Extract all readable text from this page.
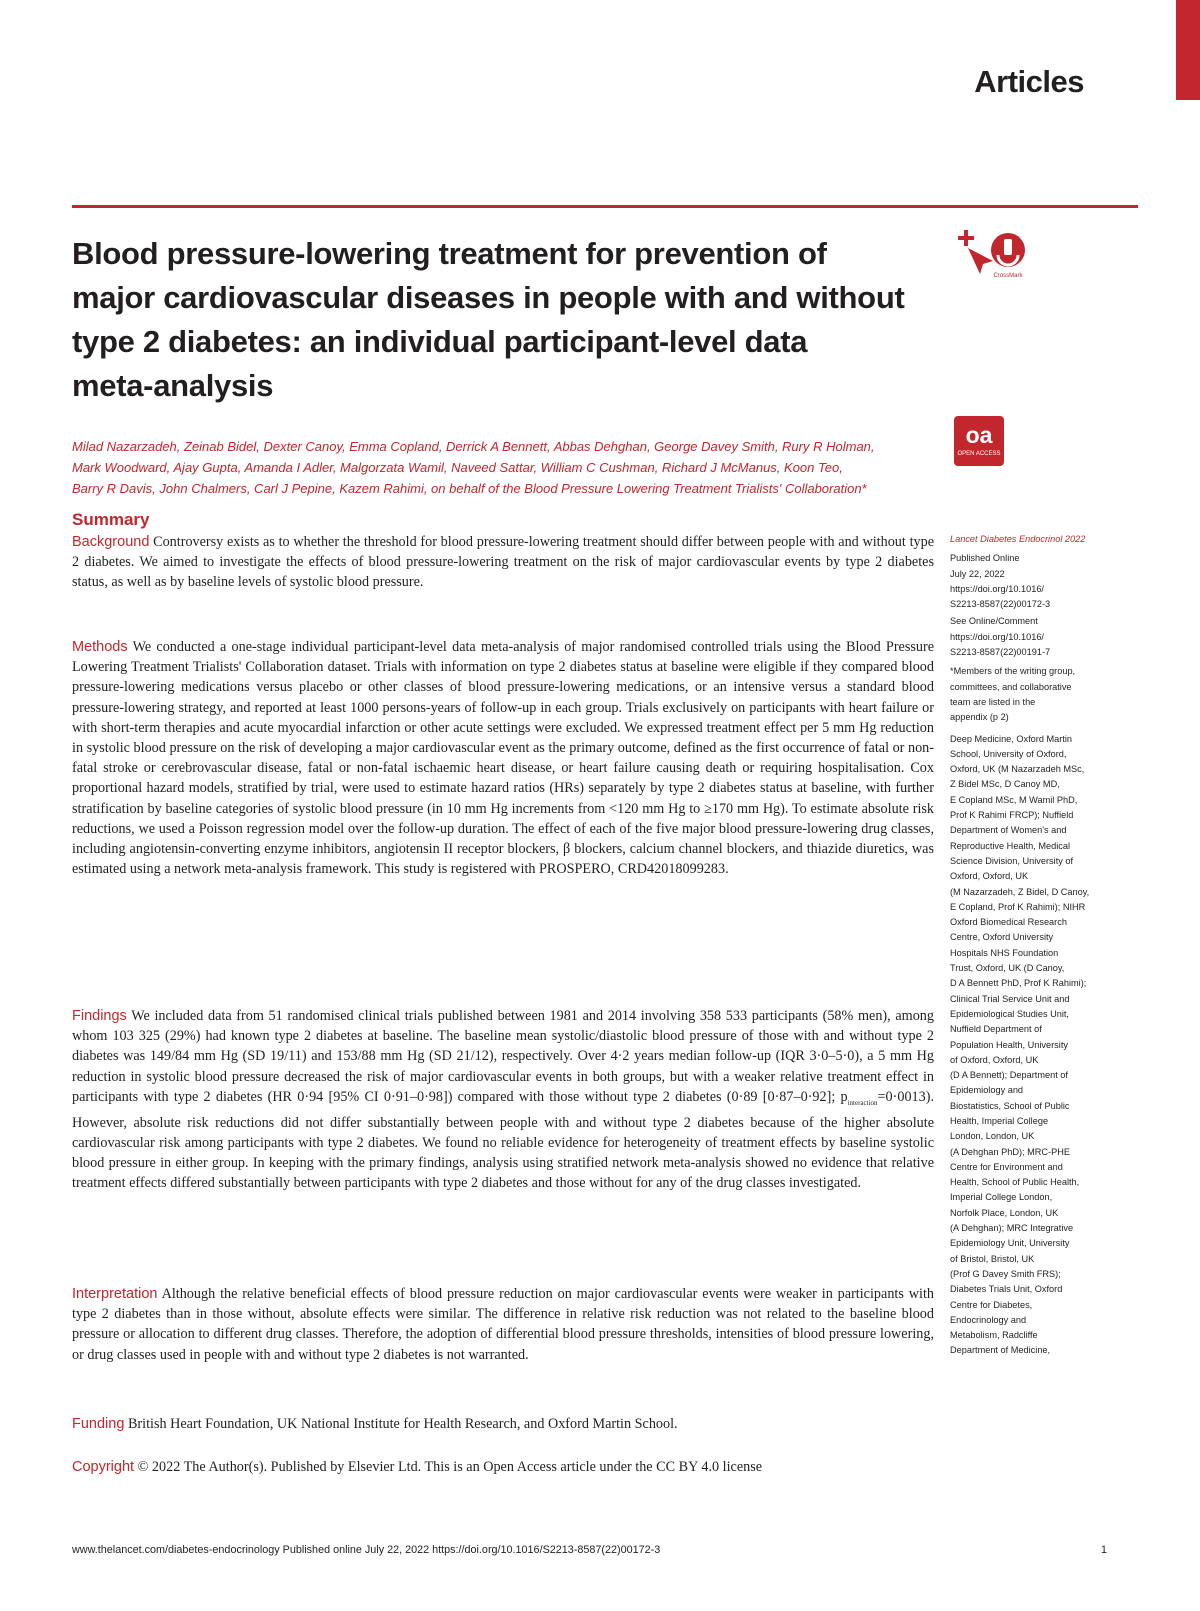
Articles
Blood pressure-lowering treatment for prevention of
major cardiovascular diseases in people with and without
type 2 diabetes: an individual participant-level data
meta-analysis
Milad Nazarzadeh, Zeinab Bidel, Dexter Canoy, Emma Copland, Derrick A Bennett, Abbas Dehghan, George Davey Smith, Rury R Holman,
Mark Woodward, Ajay Gupta, Amanda I Adler, Malgorzata Wamil, Naveed Sattar, William C Cushman, Richard J McManus, Koon Teo,
Barry R Davis, John Chalmers, Carl J Pepine, Kazem Rahimi, on behalf of the Blood Pressure Lowering Treatment Trialists' Collaboration*
CrossMark
oa
OPEN ACCESS
Summary

Background Controversy exists as to whether the threshold for blood pressure-lowering treatment should differ between people with and without type 2 diabetes. We aimed to investigate the effects of blood pressure-lowering treatment on the risk of major cardiovascular events by type 2 diabetes status, as well as by baseline levels of systolic blood pressure.

Methods We conducted a one-stage individual participant-level data meta-analysis of major randomised controlled trials using the Blood Pressure Lowering Treatment Trialists' Collaboration dataset. Trials with information on type 2 diabetes status at baseline were eligible if they compared blood pressure-lowering medications versus placebo or other classes of blood pressure-lowering medications, or an intensive versus a standard blood pressure-lowering strategy, and reported at least 1000 persons-years of follow-up in each group. Trials exclusively on participants with heart failure or with short-term therapies and acute myocardial infarction or other acute settings were excluded. We expressed treatment effect per 5 mm Hg reduction in systolic blood pressure on the risk of developing a major cardiovascular event as the primary outcome, defined as the first occurrence of fatal or non-fatal stroke or cerebrovascular disease, fatal or non-fatal ischaemic heart disease, or heart failure causing death or requiring hospitalisation. Cox proportional hazard models, stratified by trial, were used to estimate hazard ratios (HRs) separately by type 2 diabetes status at baseline, with further stratification by baseline categories of systolic blood pressure (in 10 mm Hg increments from <120 mm Hg to ≥170 mm Hg). To estimate absolute risk reductions, we used a Poisson regression model over the follow-up duration. The effect of each of the five major blood pressure-lowering drug classes, including angiotensin-converting enzyme inhibitors, angiotensin II receptor blockers, β blockers, calcium channel blockers, and thiazide diuretics, was estimated using a network meta-analysis framework. This study is registered with PROSPERO, CRD42018099283.

Findings We included data from 51 randomised clinical trials published between 1981 and 2014 involving 358 533 participants (58% men), among whom 103 325 (29%) had known type 2 diabetes at baseline. The baseline mean systolic/diastolic blood pressure of those with and without type 2 diabetes was 149/84 mm Hg (SD 19/11) and 153/88 mm Hg (SD 21/12), respectively. Over 4·2 years median follow-up (IQR 3·0–5·0), a 5 mm Hg reduction in systolic blood pressure decreased the risk of major cardiovascular events in both groups, but with a weaker relative treatment effect in participants with type 2 diabetes (HR 0·94 [95% CI 0·91–0·98]) compared with those without type 2 diabetes (0·89 [0·87–0·92]; $p_{interaction}=0\cdot 0013$). However, absolute risk reductions did not differ substantially between people with and without type 2 diabetes because of the higher absolute cardiovascular risk among participants with type 2 diabetes. We found no reliable evidence for heterogeneity of treatment effects by baseline systolic blood pressure in either group. In keeping with the primary findings, analysis using stratified network meta-analysis showed no evidence that relative treatment effects differed substantially between participants with type 2 diabetes and those without for any of the drug classes investigated.

Interpretation Although the relative beneficial effects of blood pressure reduction on major cardiovascular events were weaker in participants with type 2 diabetes than in those without, absolute effects were similar. The difference in relative risk reduction was not related to the baseline blood pressure or allocation to different drug classes. Therefore, the adoption of differential blood pressure thresholds, intensities of blood pressure lowering, or drug classes used in people with and without type 2 diabetes is not warranted.

Funding British Heart Foundation, UK National Institute for Health Research, and Oxford Martin School.

Copyright © 2022 The Author(s). Published by Elsevier Ltd. This is an Open Access article under the CC BY 4.0 license

Lancet Diabetes Endocrinol 2022
Published Online
July 22, 2022
https://doi.org/10.1016/
S2213-8587(22)00172-3
See Online/Comment
https://doi.org/10.1016/
S2213-8587(22)00191-7
*Members of the writing group,
committees, and collaborative
team are listed in the
appendix (p 2)
Deep Medicine, Oxford Martin
School, University of Oxford,
Oxford, UK (M Nazarzadeh MSc,
Z Bidel MSc, D Canoy MD,
E Copland MSc, M Wamil PhD,
Prof K Rahimi FRCP); Nuffield
Department of Women's and
Reproductive Health, Medical
Science Division, University of
Oxford, Oxford, UK
(M Nazarzadeh, Z Bidel, D Canoy,
E Copland, Prof K Rahimi); NIHR
Oxford Biomedical Research
Centre, Oxford University
Hospitals NHS Foundation
Trust, Oxford, UK (D Canoy,
D A Bennett PhD, Prof K Rahimi);
Clinical Trial Service Unit and
Epidemiological Studies Unit,
Nuffield Department of
Population Health, University
of Oxford, Oxford, UK
(D A Bennett); Department of
Epidemiology and
Biostatistics, School of Public
Health, Imperial College
London, London, UK
(A Dehghan PhD); MRC-PHE
Centre for Environment and
Health, School of Public Health,
Imperial College London,
Norfolk Place, London, UK
(A Dehghan); MRC Integrative
Epidemiology Unit, University
of Bristol, Bristol, UK
(Prof G Davey Smith FRS);
Diabetes Trials Unit, Oxford
Centre for Diabetes,
Endocrinology and
Metabolism, Radcliffe
Department of Medicine,
www.thelancet.com/diabetes-endocrinology Published online July 22, 2022 https://doi.org/10.1016/S2213-8587(22)00172-3	1
